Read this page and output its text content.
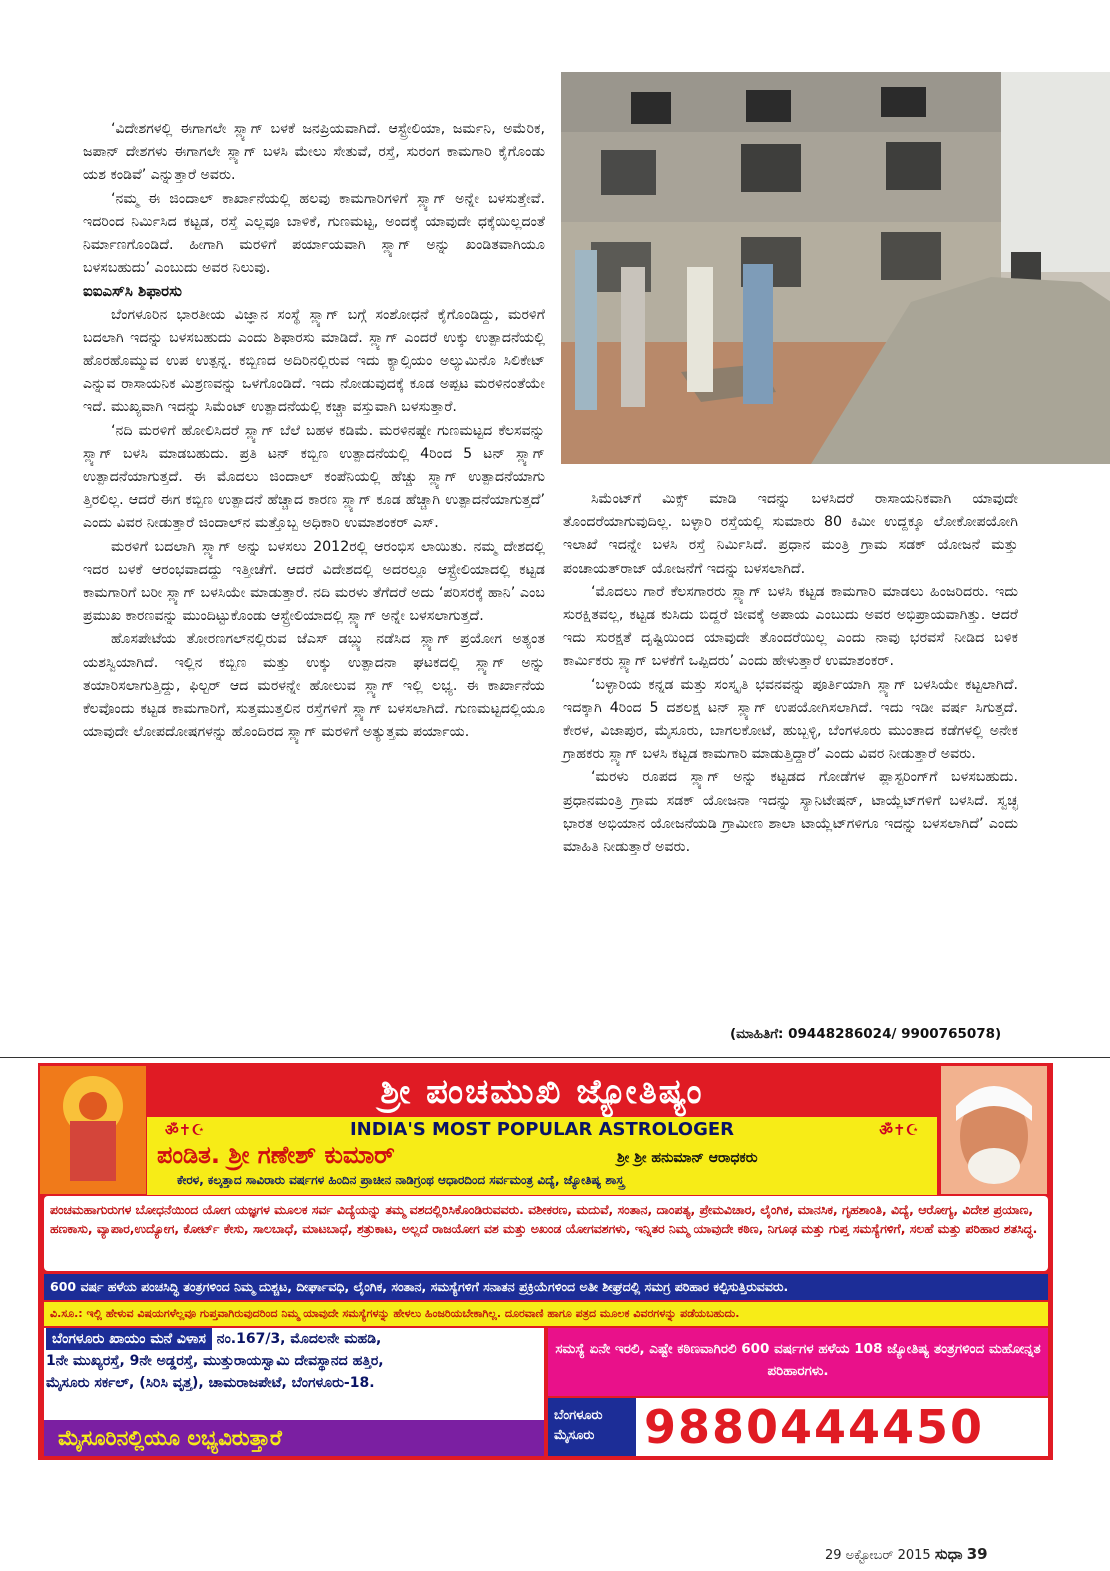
‘ವಿದೇಶಗಳಲ್ಲಿ ಈಗಾಗಲೇ ಸ್ಲ್ಯಾಗ್ ಬಳಕೆ ಜನಪ್ರಿಯವಾಗಿದೆ. ಆಸ್ಟ್ರೇಲಿಯಾ, ಜರ್ಮನಿ, ಅಮೆರಿಕ, ಜಪಾನ್ ದೇಶಗಳು ಈಗಾಗಲೇ ಸ್ಲ್ಯಾಗ್ ಬಳಸಿ ಮೇಲು ಸೇತುವೆ, ರಸ್ತೆ, ಸುರಂಗ ಕಾಮಗಾರಿ ಕೈಗೊಂಡು ಯಶ ಕಂಡಿವೆ’ ಎನ್ನುತ್ತಾರೆ ಅವರು.

‘ನಮ್ಮ ಈ ಜಿಂದಾಲ್ ಕಾರ್ಖಾನೆಯಲ್ಲಿ ಹಲವು ಕಾಮಗಾರಿಗಳಿಗೆ ಸ್ಲ್ಯಾಗ್ ಅನ್ನೇ ಬಳಸುತ್ತೇವೆ. ಇದರಿಂದ ನಿರ್ಮಿಸಿದ ಕಟ್ಟಡ, ರಸ್ತೆ ಎಲ್ಲವೂ ಬಾಳಿಕೆ, ಗುಣಮಟ್ಟ, ಅಂದಕ್ಕೆ ಯಾವುದೇ ಧಕ್ಕೆಯಿಲ್ಲದಂತೆ ನಿರ್ಮಾಣಗೊಂಡಿದೆ. ಹೀಗಾಗಿ ಮರಳಿಗೆ ಪರ್ಯಾಯವಾಗಿ ಸ್ಲ್ಯಾಗ್ ಅನ್ನು ಖಂಡಿತವಾಗಿಯೂ ಬಳಸಬಹುದು’ ಎಂಬುದು ಅವರ ನಿಲುವು.

ಐಐಎಸ್‌ಸಿ ಶಿಫಾರಸು

ಬೆಂಗಳೂರಿನ ಭಾರತೀಯ ವಿಜ್ಞಾನ ಸಂಸ್ಥೆ ಸ್ಲ್ಯಾಗ್ ಬಗ್ಗೆ ಸಂಶೋಧನೆ ಕೈಗೊಂಡಿದ್ದು, ಮರಳಿಗೆ ಬದಲಾಗಿ ಇದನ್ನು ಬಳಸಬಹುದು ಎಂದು ಶಿಫಾರಸು ಮಾಡಿದೆ. ಸ್ಲ್ಯಾಗ್ ಎಂದರೆ ಉಕ್ಕು ಉತ್ಪಾದನೆಯಲ್ಲಿ ಹೊರಹೊಮ್ಮುವ ಉಪ ಉತ್ಪನ್ನ. ಕಬ್ಬಿಣದ ಅದಿರಿನಲ್ಲಿರುವ ಇದು ಕ್ಯಾಲ್ಸಿಯಂ ಅಲ್ಯುಮಿನೊ ಸಿಲಿಕೇಟ್ ಎನ್ನುವ ರಾಸಾಯನಿಕ ಮಿಶ್ರಣವನ್ನು ಒಳಗೊಂಡಿದೆ. ಇದು ನೋಡುವುದಕ್ಕೆ ಕೂಡ ಅಪ್ಪಟ ಮರಳಿನಂತೆಯೇ ಇದೆ. ಮುಖ್ಯವಾಗಿ ಇದನ್ನು ಸಿಮೆಂಟ್ ಉತ್ಪಾದನೆಯಲ್ಲಿ ಕಚ್ಚಾ ವಸ್ತುವಾಗಿ ಬಳಸುತ್ತಾರೆ.

‘ನದಿ ಮರಳಿಗೆ ಹೋಲಿಸಿದರೆ ಸ್ಲ್ಯಾಗ್ ಬೆಲೆ ಬಹಳ ಕಡಿಮೆ. ಮರಳಿನಷ್ಟೇ ಗುಣಮಟ್ಟದ ಕೆಲಸವನ್ನು ಸ್ಲ್ಯಾಗ್ ಬಳಸಿ ಮಾಡಬಹುದು. ಪ್ರತಿ ಟನ್ ಕಬ್ಬಿಣ ಉತ್ಪಾದನೆಯಲ್ಲಿ 4ರಿಂದ 5 ಟನ್ ಸ್ಲ್ಯಾಗ್ ಉತ್ಪಾದನೆಯಾಗುತ್ತದೆ. ಈ ಮೊದಲು ಜಿಂದಾಲ್ ಕಂಪೆನಿಯಲ್ಲಿ ಹೆಚ್ಚು ಸ್ಲ್ಯಾಗ್ ಉತ್ಪಾದನೆಯಾಗು ತ್ತಿರಲಿಲ್ಲ. ಆದರೆ ಈಗ ಕಬ್ಬಿಣ ಉತ್ಪಾದನೆ ಹೆಚ್ಚಾದ ಕಾರಣ ಸ್ಲ್ಯಾಗ್ ಕೂಡ ಹೆಚ್ಚಾಗಿ ಉತ್ಪಾದನೆಯಾಗುತ್ತದೆ’ ಎಂದು ವಿವರ ನೀಡುತ್ತಾರೆ ಜಿಂದಾಲ್‌ನ ಮತ್ತೊಬ್ಬ ಅಧಿಕಾರಿ ಉಮಾಶಂಕರ್ ಎಸ್.

ಮರಳಿಗೆ ಬದಲಾಗಿ ಸ್ಲ್ಯಾಗ್ ಅನ್ನು ಬಳಸಲು 2012ರಲ್ಲಿ ಆರಂಭಿಸ ಲಾಯಿತು. ನಮ್ಮ ದೇಶದಲ್ಲಿ ಇದರ ಬಳಕೆ ಆರಂಭವಾದದ್ದು ಇತ್ತೀಚೆಗೆ. ಆದರೆ ವಿದೇಶದಲ್ಲಿ ಅದರಲ್ಲೂ ಆಸ್ಟ್ರೇಲಿಯಾದಲ್ಲಿ ಕಟ್ಟಡ ಕಾಮಗಾರಿಗೆ ಬರೀ ಸ್ಲ್ಯಾಗ್ ಬಳಸಿಯೇ ಮಾಡುತ್ತಾರೆ. ನದಿ ಮರಳು ತೆಗೆದರೆ ಅದು ‘ಪರಿಸರಕ್ಕೆ ಹಾನಿ’ ಎಂಬ ಪ್ರಮುಖ ಕಾರಣವನ್ನು ಮುಂದಿಟ್ಟುಕೊಂಡು ಆಸ್ಟ್ರೇಲಿಯಾದಲ್ಲಿ ಸ್ಲ್ಯಾಗ್ ಅನ್ನೇ ಬಳಸಲಾಗುತ್ತದೆ.

ಹೊಸಪೇಟೆಯ ತೋರಣಗಲ್‌ನಲ್ಲಿರುವ ಜೆಎಸ್ ಡಬ್ಲ್ಯು ನಡೆಸಿದ ಸ್ಲ್ಯಾಗ್ ಪ್ರಯೋಗ ಅತ್ಯಂತ ಯಶಸ್ವಿಯಾಗಿದೆ. ಇಲ್ಲಿನ ಕಬ್ಬಿಣ ಮತ್ತು ಉಕ್ಕು ಉತ್ಪಾದನಾ ಘಟಕದಲ್ಲಿ ಸ್ಲ್ಯಾಗ್ ಅನ್ನು ತಯಾರಿಸಲಾಗುತ್ತಿದ್ದು, ಫಿಲ್ಟರ್ ಆದ ಮರಳನ್ನೇ ಹೋಲುವ ಸ್ಲ್ಯಾಗ್ ಇಲ್ಲಿ ಲಭ್ಯ. ಈ ಕಾರ್ಖಾನೆಯ ಕೆಲವೊಂದು ಕಟ್ಟಡ ಕಾಮಗಾರಿಗೆ, ಸುತ್ತಮುತ್ತಲಿನ ರಸ್ತೆಗಳಿಗೆ ಸ್ಲ್ಯಾಗ್ ಬಳಸಲಾಗಿದೆ. ಗುಣಮಟ್ಟದಲ್ಲಿಯೂ ಯಾವುದೇ ಲೋಪದೋಷಗಳನ್ನು ಹೊಂದಿರದ ಸ್ಲ್ಯಾಗ್ ಮರಳಿಗೆ ಅತ್ಯುತ್ತಮ ಪರ್ಯಾಯ.

ಸಿಮೆಂಟ್‌ಗೆ ಮಿಕ್ಸ್ ಮಾಡಿ ಇದನ್ನು ಬಳಸಿದರೆ ರಾಸಾಯನಿಕವಾಗಿ ಯಾವುದೇ ತೊಂದರೆಯಾಗುವುದಿಲ್ಲ. ಬಳ್ಳಾರಿ ರಸ್ತೆಯಲ್ಲಿ ಸುಮಾರು 80 ಕಿಮೀ ಉದ್ದಕ್ಕೂ ಲೋಕೋಪಯೋಗಿ ಇಲಾಖೆ ಇದನ್ನೇ ಬಳಸಿ ರಸ್ತೆ ನಿರ್ಮಿಸಿದೆ. ಪ್ರಧಾನ ಮಂತ್ರಿ ಗ್ರಾಮ ಸಡಕ್ ಯೋಜನೆ ಮತ್ತು ಪಂಚಾಯತ್‌ರಾಜ್ ಯೋಜನೆಗೆ ಇದನ್ನು ಬಳಸಲಾಗಿದೆ.

‘ಮೊದಲು ಗಾರೆ ಕೆಲಸಗಾರರು ಸ್ಲ್ಯಾಗ್ ಬಳಸಿ ಕಟ್ಟಡ ಕಾಮಗಾರಿ ಮಾಡಲು ಹಿಂಜರಿದರು. ಇದು ಸುರಕ್ಷಿತವಲ್ಲ, ಕಟ್ಟಡ ಕುಸಿದು ಬಿದ್ದರೆ ಜೀವಕ್ಕೆ ಅಪಾಯ ಎಂಬುದು ಅವರ ಅಭಿಪ್ರಾಯವಾಗಿತ್ತು. ಆದರೆ ಇದು ಸುರಕ್ಷತೆ ದೃಷ್ಟಿಯಿಂದ ಯಾವುದೇ ತೊಂದರೆಯಿಲ್ಲ ಎಂದು ನಾವು ಭರವಸೆ ನೀಡಿದ ಬಳಿಕ ಕಾರ್ಮಿಕರು ಸ್ಲ್ಯಾಗ್ ಬಳಕೆಗೆ ಒಪ್ಪಿದರು’ ಎಂದು ಹೇಳುತ್ತಾರೆ ಉಮಾಶಂಕರ್.

‘ಬಳ್ಳಾರಿಯ ಕನ್ನಡ ಮತ್ತು ಸಂಸ್ಕೃತಿ ಭವನವನ್ನು ಪೂರ್ತಿಯಾಗಿ ಸ್ಲ್ಯಾಗ್ ಬಳಸಿಯೇ ಕಟ್ಟಲಾಗಿದೆ. ಇದಕ್ಕಾಗಿ 4ರಿಂದ 5 ದಶಲಕ್ಷ ಟನ್ ಸ್ಲ್ಯಾಗ್ ಉಪಯೋಗಿಸಲಾಗಿದೆ. ಇದು ಇಡೀ ವರ್ಷ ಸಿಗುತ್ತದೆ. ಕೇರಳ, ವಿಜಾಪುರ, ಮೈಸೂರು, ಬಾಗಲಕೋಟೆ, ಹುಬ್ಬಳ್ಳಿ, ಬೆಂಗಳೂರು ಮುಂತಾದ ಕಡೆಗಳಲ್ಲಿ ಅನೇಕ ಗ್ರಾಹಕರು ಸ್ಲ್ಯಾಗ್ ಬಳಸಿ ಕಟ್ಟಡ ಕಾಮಗಾರಿ ಮಾಡುತ್ತಿದ್ದಾರೆ’ ಎಂದು ವಿವರ ನೀಡುತ್ತಾರೆ ಅವರು.

‘ಮರಳು ರೂಪದ ಸ್ಲ್ಯಾಗ್ ಅನ್ನು ಕಟ್ಟಡದ ಗೋಡೆಗಳ ಪ್ಲಾಸ್ಟರಿಂಗ್‌ಗೆ ಬಳಸಬಹುದು. ಪ್ರಧಾನಮಂತ್ರಿ ಗ್ರಾಮ ಸಡಕ್ ಯೋಜನಾ ಇದನ್ನು ಸ್ಯಾನಿಟೇಷನ್, ಟಾಯ್ಲೆಟ್‌ಗಳಿಗೆ ಬಳಸಿದೆ. ಸ್ವಚ್ಛ ಭಾರತ ಅಭಿಯಾನ ಯೋಜನೆಯಡಿ ಗ್ರಾಮೀಣ ಶಾಲಾ ಟಾಯ್ಲೆಟ್‌ಗಳಿಗೂ ಇದನ್ನು ಬಳಸಲಾಗಿದೆ’ ಎಂದು ಮಾಹಿತಿ ನೀಡುತ್ತಾರೆ ಅವರು.

(ಮಾಹಿತಿಗೆ: 09448286024/ 9900765078)
ಶ್ರೀ ಪಂಚಮುಖಿ ಜ್ಯೋತಿಷ್ಯಂ
ॐ✝☪	ॐ✝☪
INDIA'S MOST POPULAR ASTROLOGER
ಪಂಡಿತ. ಶ್ರೀ ಗಣೇಶ್ ಕುಮಾರ್	ಶ್ರೀ ಶ್ರೀ ಹನುಮಾನ್ ಆರಾಧಕರು
ಕೇರಳ, ಕಲ್ಕತ್ತಾದ ಸಾವಿರಾರು ವರ್ಷಗಳ ಹಿಂದಿನ ಪ್ರಾಚೀನ ನಾಡಿಗ್ರಂಥ ಆಧಾರದಿಂದ ಸರ್ವಮಂತ್ರ ವಿದ್ಯೆ, ಜ್ಯೋತಿಷ್ಯ ಶಾಸ್ತ್ರ
ಪಂಚಮಹಾಗುರುಗಳ ಬೋಧನೆಯಿಂದ ಯೋಗ ಯಜ್ಞಗಳ ಮೂಲಕ ಸರ್ವ ವಿದ್ಯೆಯನ್ನು ತಮ್ಮ ವಶದಲ್ಲಿರಿಸಿಕೊಂಡಿರುವವರು. ವಶೀಕರಣ, ಮದುವೆ, ಸಂತಾನ, ದಾಂಪತ್ಯ, ಪ್ರೇಮವಿಚಾರ, ಲೈಂಗಿಕ, ಮಾನಸಿಕ, ಗೃಹಶಾಂತಿ, ವಿದ್ಯೆ, ಆರೋಗ್ಯ, ವಿದೇಶ ಪ್ರಯಾಣ, ಹಣಕಾಸು, ವ್ಯಾಪಾರ,ಉದ್ಯೋಗ, ಕೋರ್ಟ್ ಕೇಸು, ಸಾಲಬಾಧೆ, ಮಾಟಬಾಧೆ, ಶತ್ರುಕಾಟ, ಅಲ್ಲದೆ ರಾಜಯೋಗ ವಶ ಮತ್ತು ಅಖಂಡ ಯೋಗವಶಗಳು, ಇನ್ನಿತರ ನಿಮ್ಮ ಯಾವುದೇ ಕಠಿಣ, ನಿಗೂಢ ಮತ್ತು ಗುಪ್ತ ಸಮಸ್ಯೆಗಳಿಗೆ, ಸಲಹೆ ಮತ್ತು ಪರಿಹಾರ ಶತಸಿದ್ಧ.
600 ವರ್ಷ ಹಳೆಯ ಪಂಚಸಿದ್ಧಿ ತಂತ್ರಗಳಿಂದ ನಿಮ್ಮ ದುಶ್ಚಟ, ದೀರ್ಘಾವಧಿ, ಲೈಂಗಿಕ, ಸಂತಾನ, ಸಮಸ್ಯೆಗಳಿಗೆ ಸನಾತನ ಪ್ರಕ್ರಿಯೆಗಳಿಂದ ಅತೀ ಶೀಘ್ರದಲ್ಲಿ ಸಮಗ್ರ ಪರಿಹಾರ ಕಲ್ಪಿಸುತ್ತಿರುವವರು.
ವಿ.ಸೂ.: ಇಲ್ಲಿ ಹೇಳುವ ವಿಷಯಗಳೆಲ್ಲವೂ ಗುಪ್ತವಾಗಿರುವುದರಿಂದ ನಿಮ್ಮ ಯಾವುದೇ ಸಮಸ್ಯೆಗಳನ್ನು ಹೇಳಲು ಹಿಂಜರಿಯಬೇಕಾಗಿಲ್ಲ. ದೂರವಾಣಿ ಹಾಗೂ ಪತ್ರದ ಮೂಲಕ ವಿವರಗಳನ್ನು ಪಡೆಯಬಹುದು.
ಬೆಂಗಳೂರು ಖಾಯಂ ಮನೆ ವಿಳಾಸ ನಂ.167/3, ಮೊದಲನೇ ಮಹಡಿ,
1ನೇ ಮುಖ್ಯರಸ್ತೆ, 9ನೇ ಅಡ್ಡರಸ್ತೆ, ಮುತ್ತುರಾಯಸ್ವಾಮಿ ದೇವಸ್ಥಾನದ ಹತ್ತಿರ,
ಮೈಸೂರು ಸರ್ಕಲ್, (ಸಿರಿಸಿ ವೃತ್ತ), ಚಾಮರಾಜಪೇಟೆ, ಬೆಂಗಳೂರು-18.
ಮೈಸೂರಿನಲ್ಲಿಯೂ ಲಭ್ಯವಿರುತ್ತಾರೆ
ಸಮಸ್ಯೆ ಏನೇ ಇರಲಿ, ಎಷ್ಟೇ ಕಠಿಣವಾಗಿರಲಿ 600 ವರ್ಷಗಳ ಹಳೆಯ 108 ಜ್ಯೋತಿಷ್ಯ ತಂತ್ರಗಳಿಂದ ಮಹೋನ್ನತ ಪರಿಹಾರಗಳು.
ಬೆಂಗಳೂರು
ಮೈಸೂರು	9880444450
29 ಅಕ್ಟೋಬರ್ 2015 ಸುಧಾ 39
